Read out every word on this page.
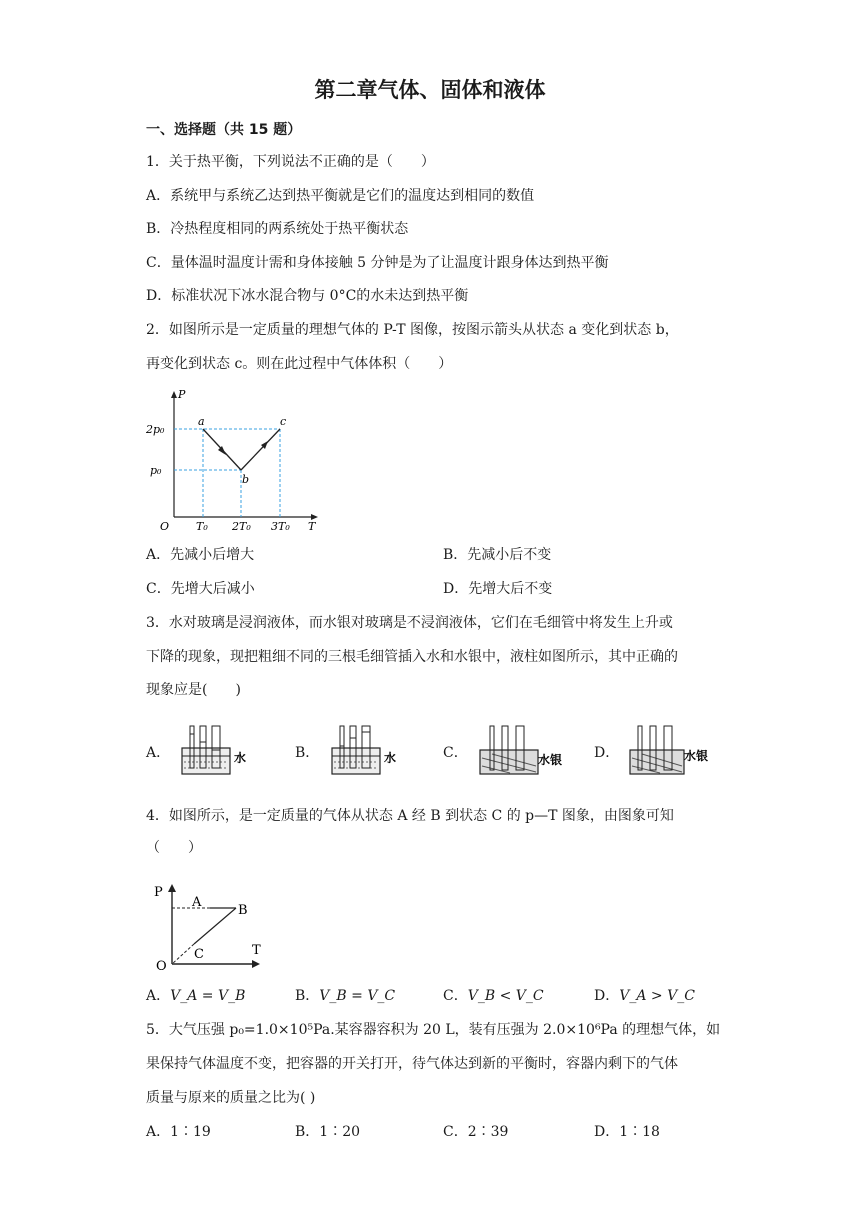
第二章气体、固体和液体
一、选择题（共 15 题）
1．关于热平衡，下列说法不正确的是（　　）
A．系统甲与系统乙达到热平衡就是它们的温度达到相同的数值
B．冷热程度相同的两系统处于热平衡状态
C．量体温时温度计需和身体接触 5 分钟是为了让温度计跟身体达到热平衡
D．标准状况下冰水混合物与 0°C的水未达到热平衡
2．如图所示是一定质量的理想气体的 P-T 图像，按图示箭头从状态 a 变化到状态 b，
再变化到状态 c。则在此过程中气体体积（　　）
P
T
O
2p₀
p₀
T₀ 2T₀ 3T₀
a
b
c
A．先减小后增大	B．先减小后不变
C．先增大后减小	D．先增大后不变
3．水对玻璃是浸润液体，而水银对玻璃是不浸润液体，它们在毛细管中将发生上升或
下降的现象，现把粗细不同的三根毛细管插入水和水银中，液柱如图所示，其中正确的
现象应是(　　)
A．	水	B．	水	C．	水银 D．	水银
4．如图所示，是一定质量的气体从状态 A 经 B 到状态 C 的 p—T 图象，由图象可知
（　　）
P
T
O
A
B
C
A．V_A = V_B	B．V_B = V_C	C．V_B < V_C	D．V_A > V_C
5．大气压强 p₀=1.0×10⁵Pa.某容器容积为 20 L，装有压强为 2.0×10⁶Pa 的理想气体，如
果保持气体温度不变，把容器的开关打开，待气体达到新的平衡时，容器内剩下的气体
质量与原来的质量之比为( )
A．1∶19	B．1∶20	C．2∶39	D．1∶18
